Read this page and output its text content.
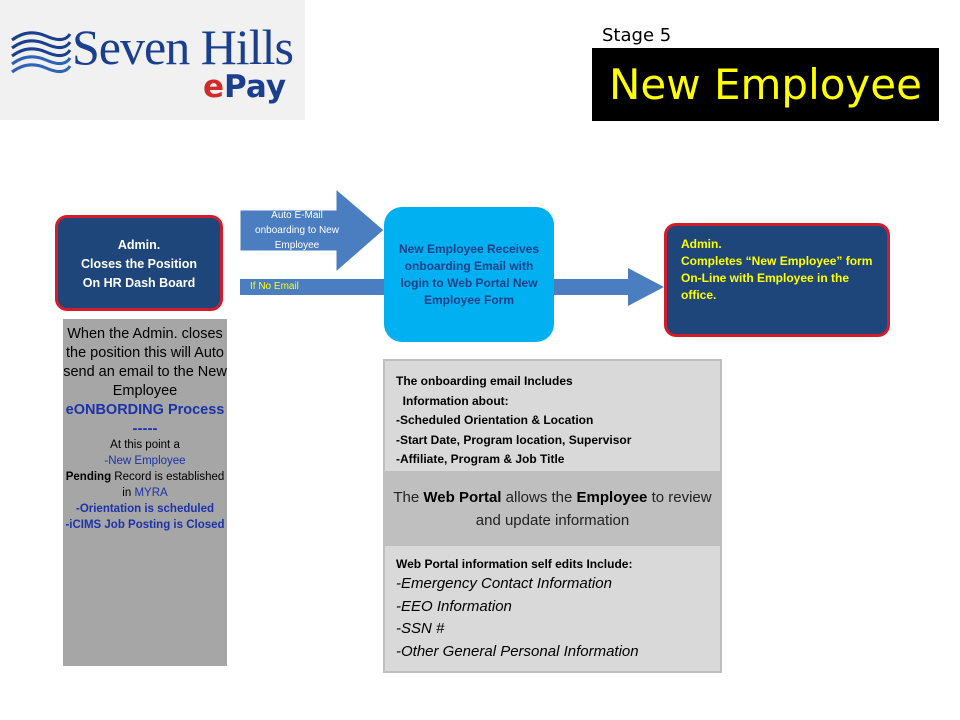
Seven Hills
ePay
Stage 5
New Employee
Auto E-Mail onboarding to New Employee
If No Email
Admin.
Closes the Position
On HR Dash Board
New Employee Receives onboarding Email with login to Web Portal New Employee Form
Admin.
Completes “New Employee” form On-Line with Employee in the office.
When the Admin. closes the position this will Auto send an email to the New Employee
eONBORDING Process
-----
At this point a
-New Employee
Pending Record is established in MYRA
-Orientation is scheduled
-iCIMS Job Posting is Closed
The onboarding email Includes
Information about:
-Scheduled Orientation & Location
-Start Date, Program location, Supervisor
-Affiliate, Program & Job Title
The Web Portal allows the Employee to review and update information
Web Portal information self edits Include:
-Emergency Contact Information
-EEO Information
-SSN #
-Other General Personal Information
